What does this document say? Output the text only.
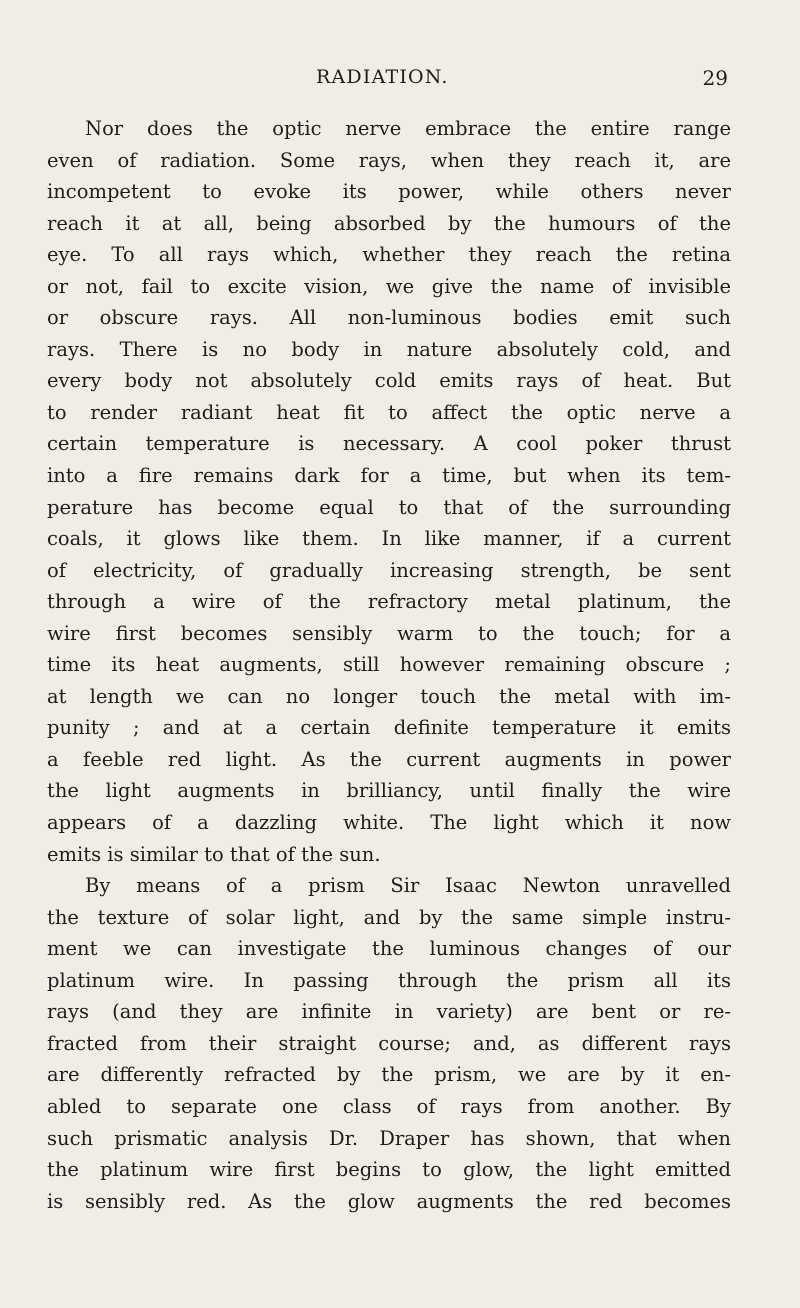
RADIATION.	29
Nor does the optic nerve embrace the entire range
even of radiation. Some rays, when they reach it, are
incompetent to evoke its power, while others never
reach it at all, being absorbed by the humours of the
eye. To all rays which, whether they reach the retina
or not, fail to excite vision, we give the name of invisible
or obscure rays. All non-luminous bodies emit such
rays. There is no body in nature absolutely cold, and
every body not absolutely cold emits rays of heat. But
to render radiant heat fit to affect the optic nerve a
certain temperature is necessary. A cool poker thrust
into a fire remains dark for a time, but when its tem-
perature has become equal to that of the surrounding
coals, it glows like them. In like manner, if a current
of electricity, of gradually increasing strength, be sent
through a wire of the refractory metal platinum, the
wire first becomes sensibly warm to the touch; for a
time its heat augments, still however remaining obscure ;
at length we can no longer touch the metal with im-
punity ; and at a certain definite temperature it emits
a feeble red light. As the current augments in power
the light augments in brilliancy, until finally the wire
appears of a dazzling white. The light which it now
emits is similar to that of the sun.
By means of a prism Sir Isaac Newton unravelled
the texture of solar light, and by the same simple instru-
ment we can investigate the luminous changes of our
platinum wire. In passing through the prism all its
rays (and they are infinite in variety) are bent or re-
fracted from their straight course; and, as different rays
are differently refracted by the prism, we are by it en-
abled to separate one class of rays from another. By
such prismatic analysis Dr. Draper has shown, that when
the platinum wire first begins to glow, the light emitted
is sensibly red. As the glow augments the red becomes
